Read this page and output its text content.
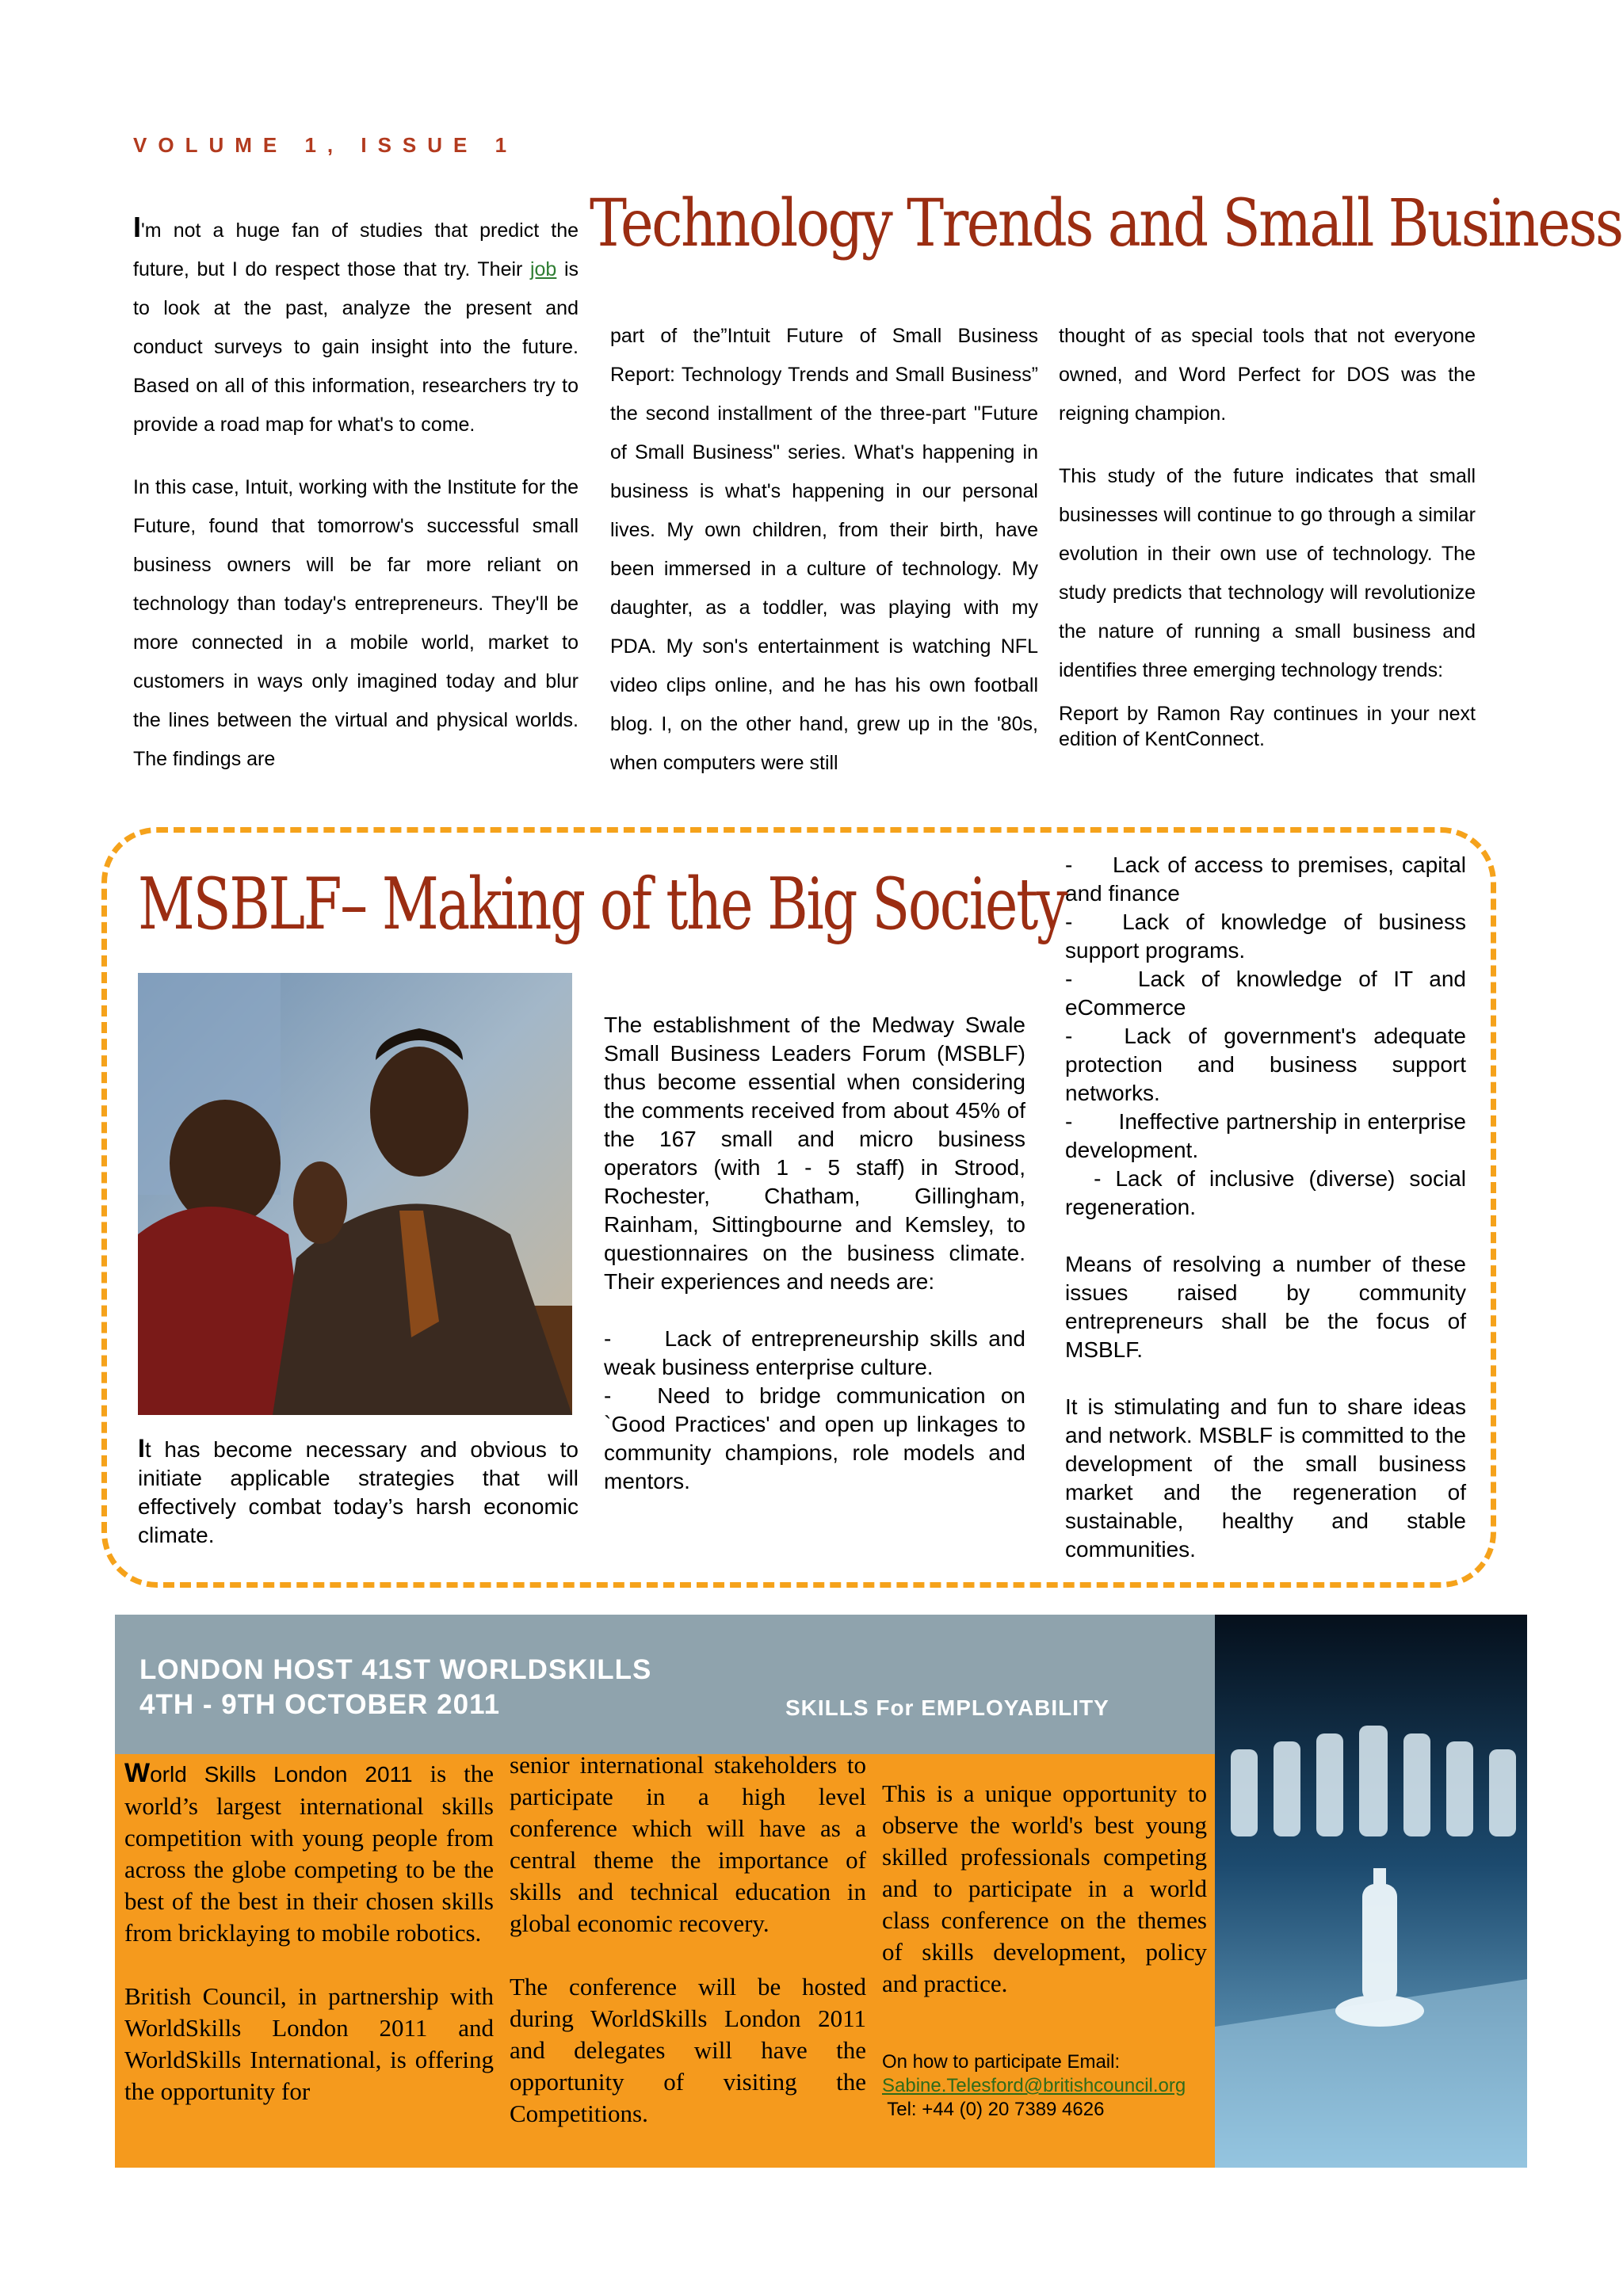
VOLUME 1, ISSUE 1
Technology Trends and Small Business

I'm not a huge fan of studies that predict the future, but I do respect those that try. Their job is to look at the past, analyze the present and conduct surveys to gain insight into the future. Based on all of this information, researchers try to provide a road map for what's to come.

In this case, Intuit, working with the Institute for the Future, found that tomorrow's successful small business owners will be far more reliant on technology than today's entrepreneurs. They'll be more connected in a mobile world, market to customers in ways only imagined today and blur the lines between the virtual and physical worlds. The findings are

part of the”Intuit Future of Small Business Report: Technology Trends and Small Business” the second installment of the three-part "Future of Small Business" series. What's happening in business is what's happening in our personal lives. My own children, from their birth, have been immersed in a culture of technology. My daughter, as a toddler, was playing with my PDA. My son's entertainment is watching NFL video clips online, and he has his own football blog. I, on the other hand, grew up in the '80s, when computers were still

thought of as special tools that not everyone owned, and Word Perfect for DOS was the reigning champion.

This study of the future indicates that small businesses will continue to go through a similar evolution in their own use of technology. The study predicts that technology will revolutionize the nature of running a small business and identifies three emerging technology trends:

Report by Ramon Ray continues in your next edition of KentConnect.

MSBLF– Making of the Big Society
It has become necessary and obvious to initiate applicable strategies that will effectively combat today’s harsh economic climate.

The establishment of the Medway Swale Small Business Leaders Forum (MSBLF) thus become essential when considering the comments received from about 45% of the 167 small and micro business operators (with 1 - 5 staff) in Strood, Rochester, Chatham, Gillingham, Rainham, Sittingbourne and Kemsley, to questionnaires on the business climate. Their experiences and needs are:

-     Lack of entrepreneurship skills and weak business enterprise culture.
-   Need to bridge communication on `Good Practices' and open up linkages to community champions, role models and mentors.
-     Lack of access to premises, capital and finance
-   Lack of knowledge of business support programs.
-    Lack of knowledge of IT and eCommerce
-   Lack of government's adequate protection and business support networks.
-       Ineffective partnership in enterprise development.
- Lack of inclusive (diverse) social regeneration.

Means of resolving a number of these issues raised by community entrepreneurs shall be the focus of MSBLF.

It is stimulating and fun to share ideas and network. MSBLF is committed to the development of the small business market and the regeneration of sustainable, healthy and stable communities.

LONDON HOST 41ST WORLDSKILLS
4TH - 9TH OCTOBER 2011	SKILLS For EMPLOYABILITY

World Skills London 2011 is the world’s largest international skills competition with young people from across the globe competing to be the best of the best in their chosen skills from bricklaying to mobile robotics.

British Council, in partnership with WorldSkills London 2011 and WorldSkills International, is offering the opportunity for

senior international stakeholders to participate in a high level conference which will have as a central theme the importance of skills and technical education in global economic recovery.

The conference will be hosted during WorldSkills London 2011 and delegates will have the opportunity of visiting the Competitions.

This is a unique opportunity to observe the world's best young skilled professionals competing and to participate in a world class conference on the themes of skills development, policy and practice.

On how to participate Email:
Sabine.Telesford@britishcouncil.org
Tel: +44 (0) 20 7389 4626
